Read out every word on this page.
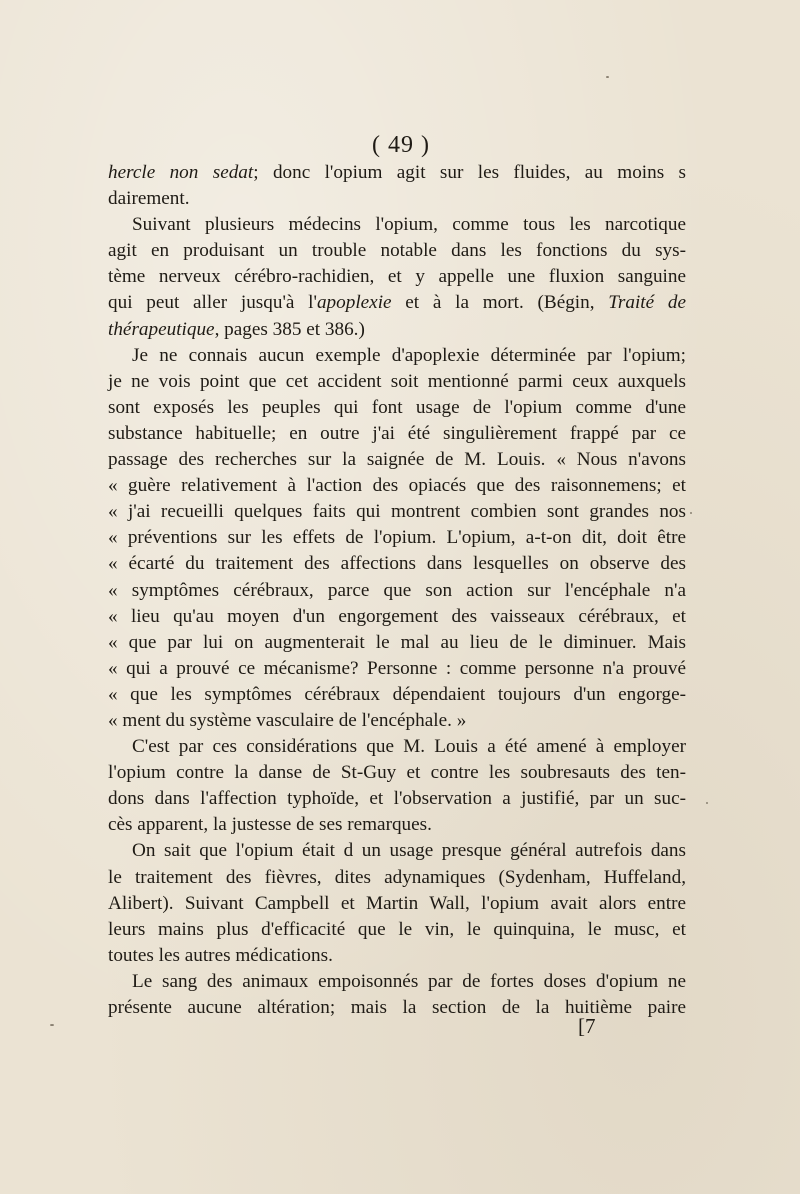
( 49 )
hercle non sedat; donc l'opium agit sur les fluides, au moins s
dairement.
Suivant plusieurs médecins l'opium, comme tous les narcotique
agit en produisant un trouble notable dans les fonctions du sys-
tème nerveux cérébro-rachidien, et y appelle une fluxion sanguine
qui peut aller jusqu'à l'apoplexie et à la mort. (Bégin, Traité de
thérapeutique, pages 385 et 386.)
Je ne connais aucun exemple d'apoplexie déterminée par l'opium;
je ne vois point que cet accident soit mentionné parmi ceux auxquels
sont exposés les peuples qui font usage de l'opium comme d'une
substance habituelle; en outre j'ai été singulièrement frappé par ce
passage des recherches sur la saignée de M. Louis. « Nous n'avons
« guère relativement à l'action des opiacés que des raisonnemens; et
« j'ai recueilli quelques faits qui montrent combien sont grandes nos
« préventions sur les effets de l'opium. L'opium, a-t-on dit, doit être
« écarté du traitement des affections dans lesquelles on observe des
« symptômes cérébraux, parce que son action sur l'encéphale n'a
« lieu qu'au moyen d'un engorgement des vaisseaux cérébraux, et
« que par lui on augmenterait le mal au lieu de le diminuer. Mais
« qui a prouvé ce mécanisme? Personne : comme personne n'a prouvé
« que les symptômes cérébraux dépendaient toujours d'un engorge-
« ment du système vasculaire de l'encéphale. »
C'est par ces considérations que M. Louis a été amené à employer
l'opium contre la danse de St-Guy et contre les soubresauts des ten-
dons dans l'affection typhoïde, et l'observation a justifié, par un suc-
cès apparent, la justesse de ses remarques.
On sait que l'opium était d un usage presque général autrefois dans
le traitement des fièvres, dites adynamiques (Sydenham, Huffeland,
Alibert). Suivant Campbell et Martin Wall, l'opium avait alors entre
leurs mains plus d'efficacité que le vin, le quinquina, le musc, et
toutes les autres médications.
Le sang des animaux empoisonnés par de fortes doses d'opium ne
présente aucune altération; mais la section de la huitième paire
[7
